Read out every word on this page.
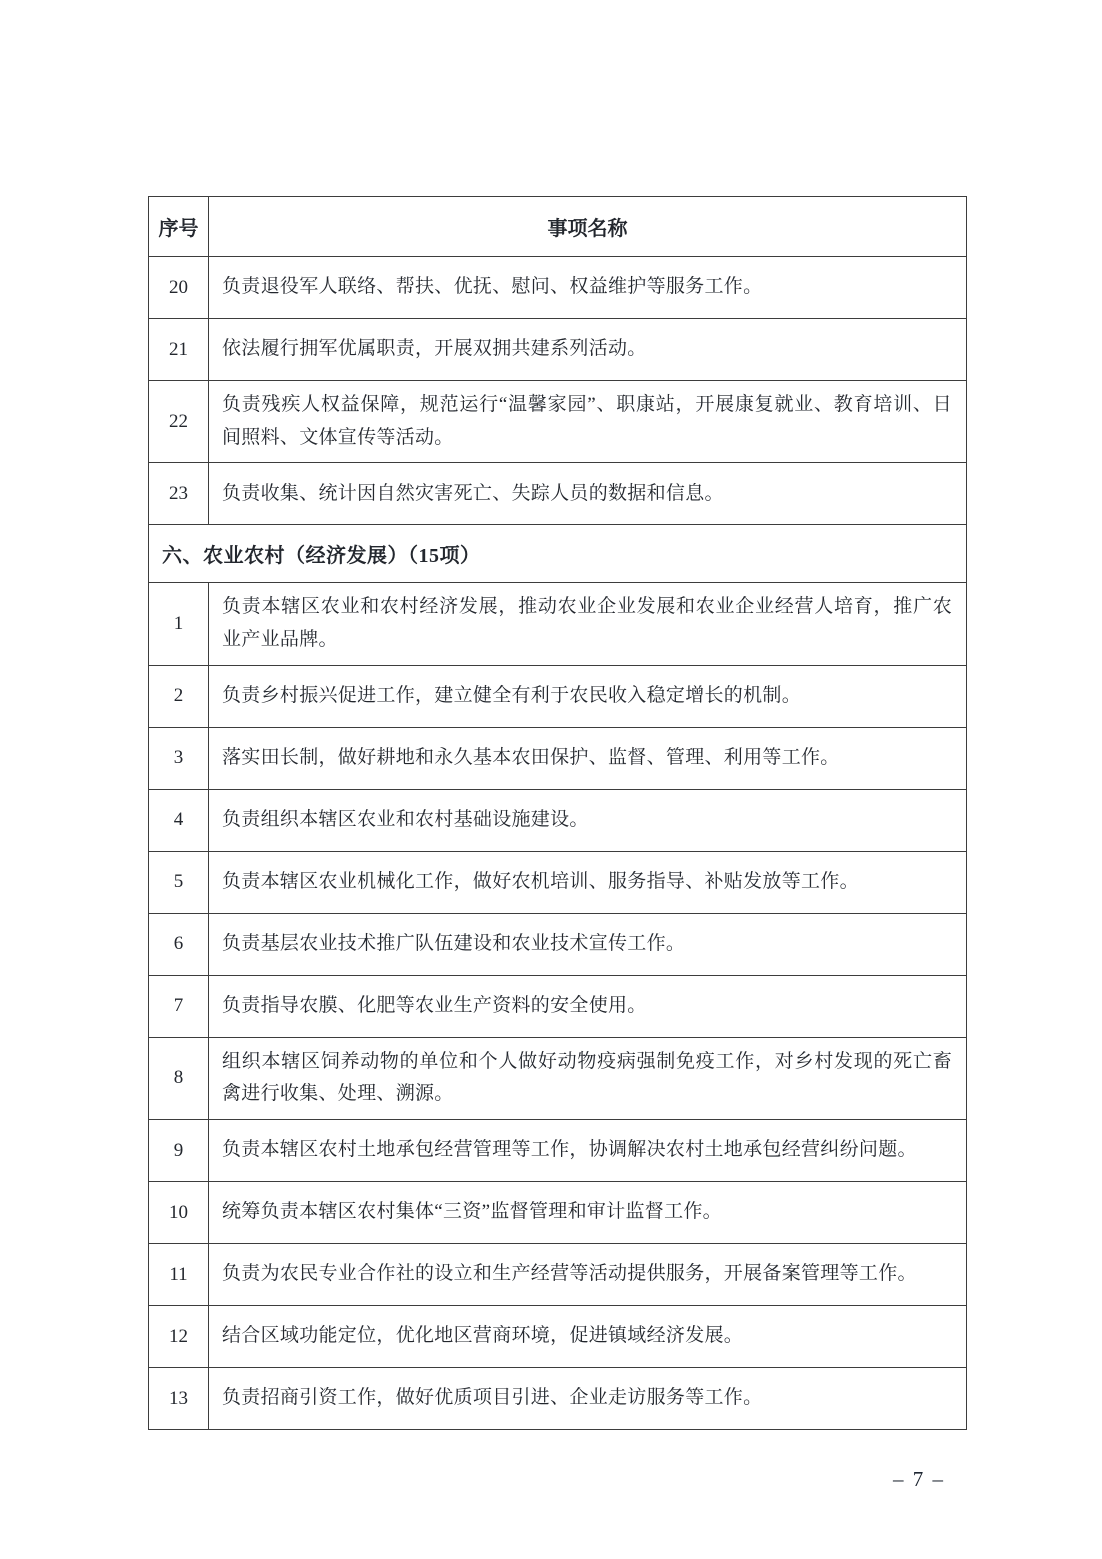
序号	事项名称
20	负责退役军人联络、帮扶、优抚、慰问、权益维护等服务工作。
21	依法履行拥军优属职责，开展双拥共建系列活动。
22	负责残疾人权益保障，规范运行“温馨家园”、职康站，开展康复就业、教育培训、日间照料、文体宣传等活动。
23	负责收集、统计因自然灾害死亡、失踪人员的数据和信息。
六、农业农村（经济发展）（15项）	
1	负责本辖区农业和农村经济发展，推动农业企业发展和农业企业经营人培育，推广农业产业品牌。
2	负责乡村振兴促进工作，建立健全有利于农民收入稳定增长的机制。
3	落实田长制，做好耕地和永久基本农田保护、监督、管理、利用等工作。
4	负责组织本辖区农业和农村基础设施建设。
5	负责本辖区农业机械化工作，做好农机培训、服务指导、补贴发放等工作。
6	负责基层农业技术推广队伍建设和农业技术宣传工作。
7	负责指导农膜、化肥等农业生产资料的安全使用。
8	组织本辖区饲养动物的单位和个人做好动物疫病强制免疫工作，对乡村发现的死亡畜禽进行收集、处理、溯源。
9	负责本辖区农村土地承包经营管理等工作，协调解决农村土地承包经营纠纷问题。
10	统筹负责本辖区农村集体“三资”监督管理和审计监督工作。
11	负责为农民专业合作社的设立和生产经营等活动提供服务，开展备案管理等工作。
12	结合区域功能定位，优化地区营商环境，促进镇域经济发展。
13	负责招商引资工作，做好优质项目引进、企业走访服务等工作。
– 7 –
